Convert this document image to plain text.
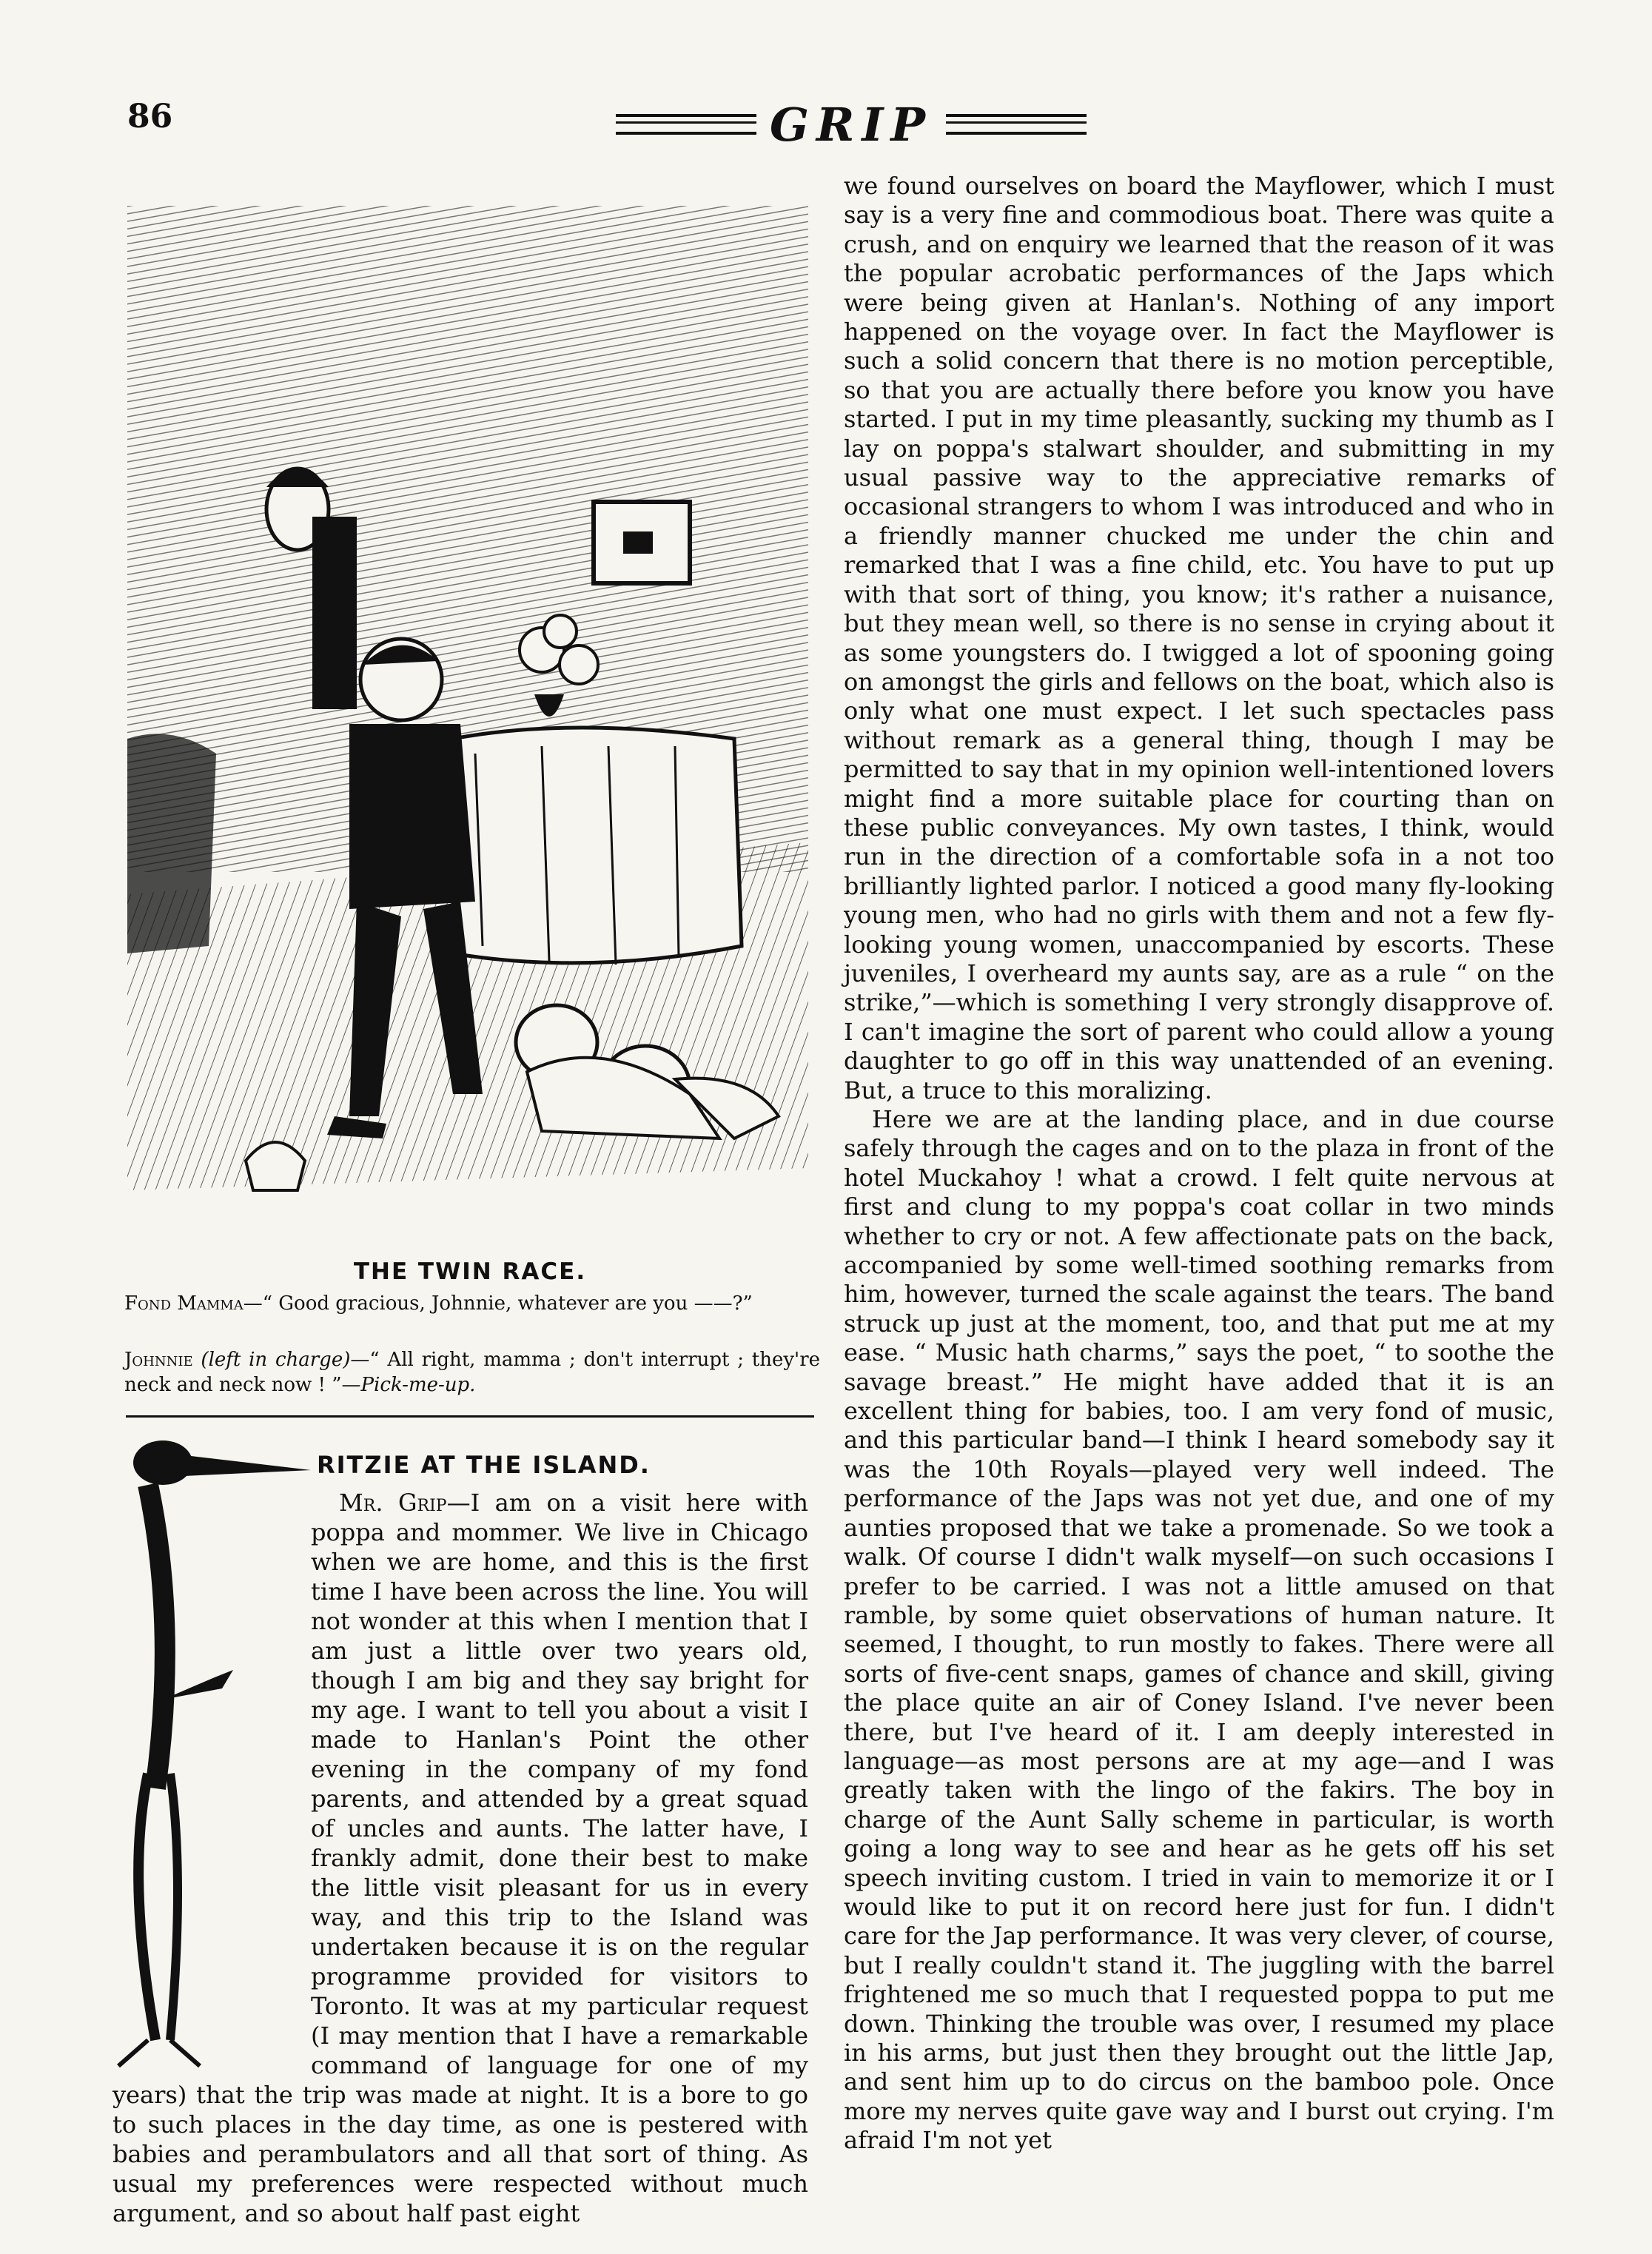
86	GRIP
THE TWIN RACE.
Fond Mamma—“ Good gracious, Johnnie, whatever are you ——?”
Johnnie (left in charge)—“ All right, mamma ; don't interrupt ; they're neck and neck now ! ”—Pick-me-up.
RITZIE AT THE ISLAND.

Mr. Grip—I am on a visit here with poppa and mommer. We live in Chicago when we are home, and this is the first time I have been across the line. You will not wonder at this when I mention that I am just a little over two years old, though I am big and they say bright for my age. I want to tell you about a visit I made to Hanlan's Point the other evening in the company of my fond parents, and attended by a great squad of uncles and aunts. The latter have, I frankly admit, done their best to make the little visit pleasant for us in every way, and this trip to the Island was undertaken because it is on the regular programme provided for visitors to Toronto. It was at my particular request (I may mention that I have a remarkable command of language for one of my years) that the trip was made at night. It is a bore to go to such places in the day time, as one is pestered with babies and perambulators and all that sort of thing. As usual my preferences were respected without much argument, and so about half past eight

we found ourselves on board the Mayflower, which I must say is a very fine and commodious boat. There was quite a crush, and on enquiry we learned that the reason of it was the popular acrobatic performances of the Japs which were being given at Hanlan's. Nothing of any import happened on the voyage over. In fact the Mayflower is such a solid concern that there is no motion perceptible, so that you are actually there before you know you have started. I put in my time pleasantly, sucking my thumb as I lay on poppa's stalwart shoulder, and submitting in my usual passive way to the appreciative remarks of occasional strangers to whom I was introduced and who in a friendly manner chucked me under the chin and remarked that I was a fine child, etc. You have to put up with that sort of thing, you know; it's rather a nuisance, but they mean well, so there is no sense in crying about it as some youngsters do. I twigged a lot of spooning going on amongst the girls and fellows on the boat, which also is only what one must expect. I let such spectacles pass without remark as a general thing, though I may be permitted to say that in my opinion well-intentioned lovers might find a more suitable place for courting than on these public conveyances. My own tastes, I think, would run in the direction of a comfortable sofa in a not too brilliantly lighted parlor. I noticed a good many fly-looking young men, who had no girls with them and not a few fly-looking young women, unaccompanied by escorts. These juveniles, I overheard my aunts say, are as a rule “ on the strike,”—which is something I very strongly disapprove of. I can't imagine the sort of parent who could allow a young daughter to go off in this way unattended of an evening. But, a truce to this moralizing.

Here we are at the landing place, and in due course safely through the cages and on to the plaza in front of the hotel Muckahoy ! what a crowd. I felt quite nervous at first and clung to my poppa's coat collar in two minds whether to cry or not. A few affectionate pats on the back, accompanied by some well-timed soothing remarks from him, however, turned the scale against the tears. The band struck up just at the moment, too, and that put me at my ease. “ Music hath charms,” says the poet, “ to soothe the savage breast.” He might have added that it is an excellent thing for babies, too. I am very fond of music, and this particular band—I think I heard somebody say it was the 10th Royals—played very well indeed. The performance of the Japs was not yet due, and one of my aunties proposed that we take a promenade. So we took a walk. Of course I didn't walk myself—on such occasions I prefer to be carried. I was not a little amused on that ramble, by some quiet observations of human nature. It seemed, I thought, to run mostly to fakes. There were all sorts of five-cent snaps, games of chance and skill, giving the place quite an air of Coney Island. I've never been there, but I've heard of it. I am deeply interested in language—as most persons are at my age—and I was greatly taken with the lingo of the fakirs. The boy in charge of the Aunt Sally scheme in particular, is worth going a long way to see and hear as he gets off his set speech inviting custom. I tried in vain to memorize it or I would like to put it on record here just for fun. I didn't care for the Jap performance. It was very clever, of course, but I really couldn't stand it. The juggling with the barrel frightened me so much that I requested poppa to put me down. Thinking the trouble was over, I resumed my place in his arms, but just then they brought out the little Jap, and sent him up to do circus on the bamboo pole. Once more my nerves quite gave way and I burst out crying. I'm afraid I'm not yet
